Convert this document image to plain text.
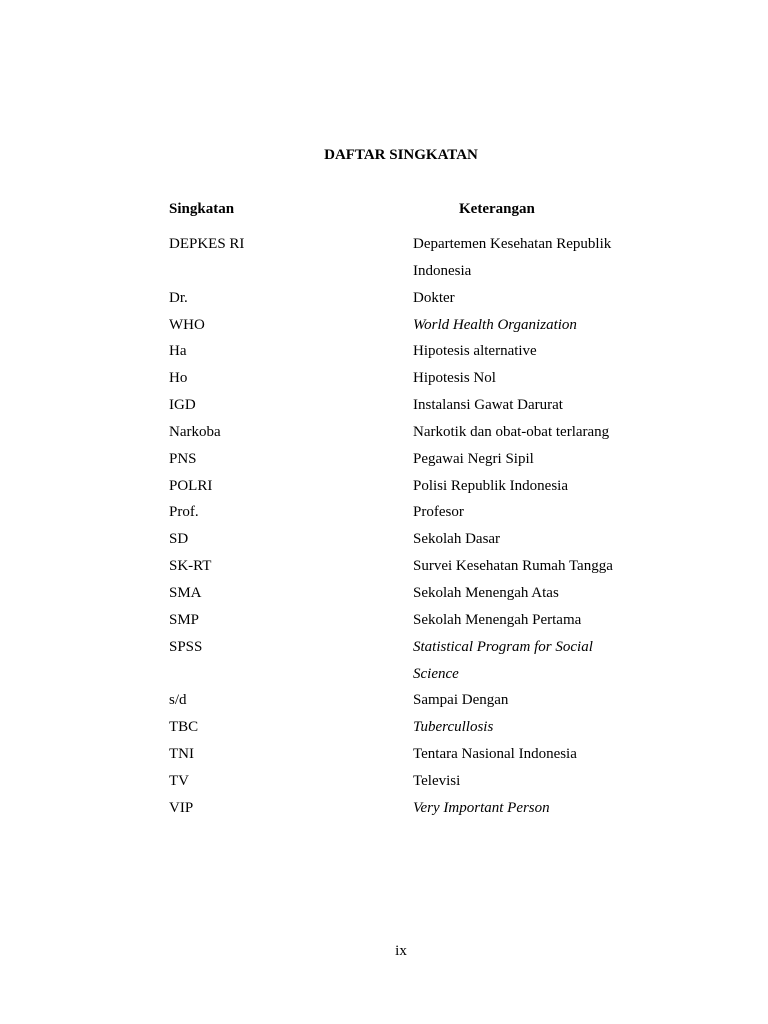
DAFTAR SINGKATAN
Singkatan	Keterangan
DEPKES RI	Departemen Kesehatan Republik Indonesia
Dr.	Dokter
WHO	World Health Organization
Ha	Hipotesis alternative
Ho	Hipotesis Nol
IGD	Instalansi Gawat Darurat
Narkoba	Narkotik dan obat-obat terlarang
PNS	Pegawai Negri Sipil
POLRI	Polisi Republik Indonesia
Prof.	Profesor
SD	Sekolah Dasar
SK-RT	Survei Kesehatan Rumah Tangga
SMA	Sekolah Menengah Atas
SMP	Sekolah Menengah Pertama
SPSS	Statistical Program for Social Science
s/d	Sampai Dengan
TBC	Tubercullosis
TNI	Tentara Nasional Indonesia
TV	Televisi
VIP	Very Important Person
ix
